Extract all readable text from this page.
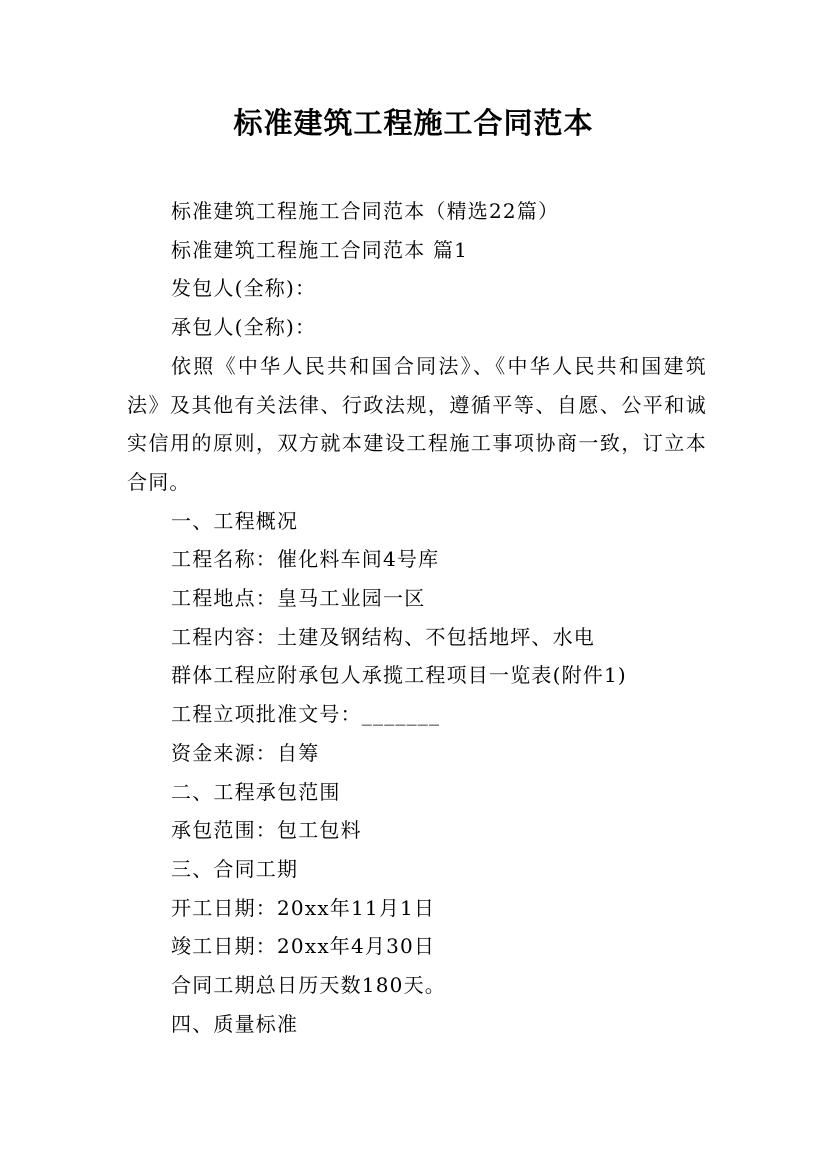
标准建筑工程施工合同范本

标准建筑工程施工合同范本（精选22篇）

标准建筑工程施工合同范本 篇1

发包人(全称)：

承包人(全称)：

依照《中华人民共和国合同法》、《中华人民共和国建筑法》及其他有关法律、行政法规，遵循平等、自愿、公平和诚实信用的原则，双方就本建设工程施工事项协商一致，订立本合同。

一、工程概况

工程名称：催化料车间4号库

工程地点：皇马工业园一区

工程内容：土建及钢结构、不包括地坪、水电

群体工程应附承包人承揽工程项目一览表(附件1)

工程立项批准文号：_______

资金来源：自筹

二、工程承包范围

承包范围：包工包料

三、合同工期

开工日期：20xx年11月1日

竣工日期：20xx年4月30日

合同工期总日历天数180天。

四、质量标准
